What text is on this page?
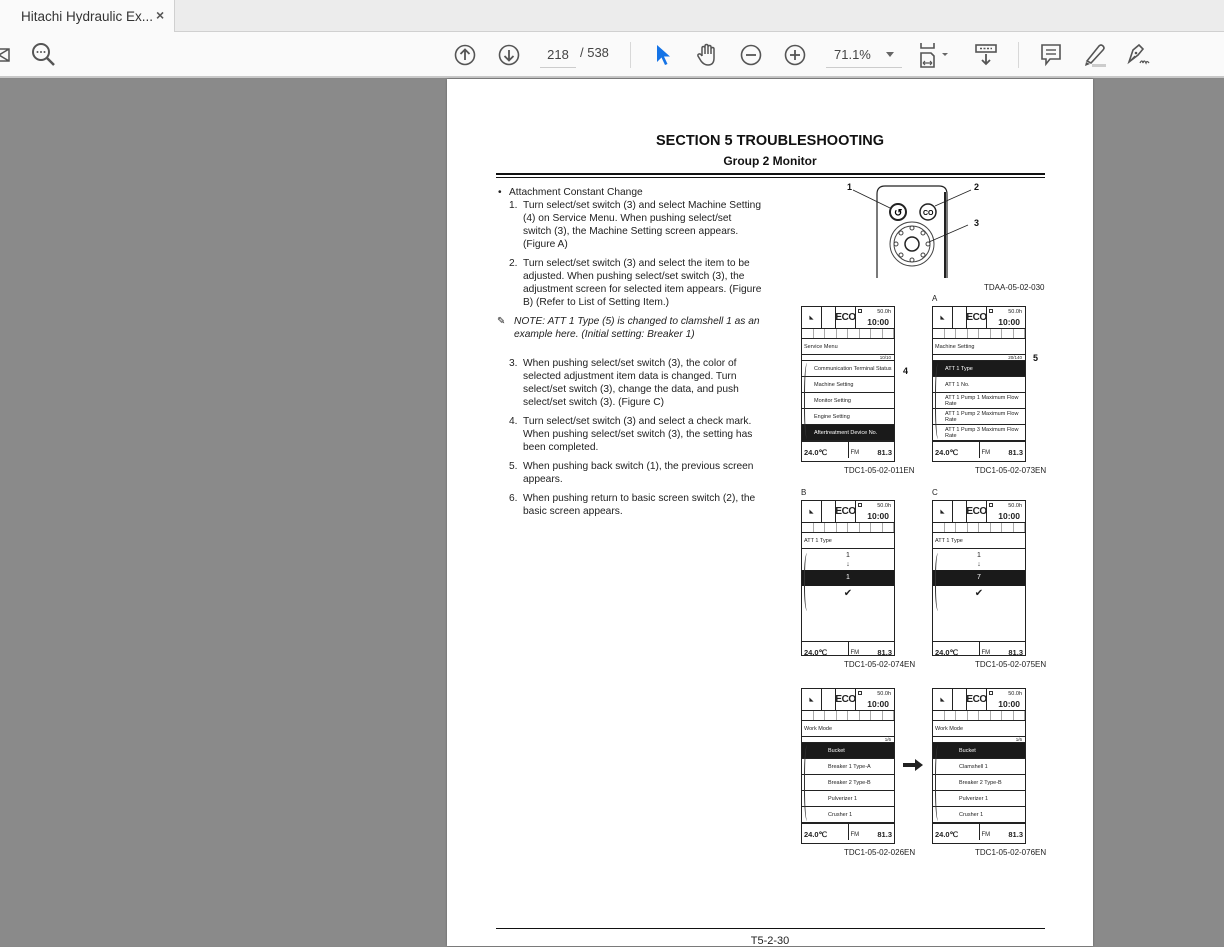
Hitachi Hydraulic Ex... ×
218 / 538	71.1%
SECTION 5 TROUBLESHOOTING
Group 2 Monitor
• Attachment Constant Change
1. Turn select/set switch (3) and select Machine Setting (4) on Service Menu. When pushing select/set switch (3), the Machine Setting screen appears. (Figure A)
2. Turn select/set switch (3) and select the item to be adjusted. When pushing select/set switch (3), the adjustment screen for selected item appears. (Figure B) (Refer to List of Setting Item.)
✎ NOTE: ATT 1 Type (5) is changed to clamshell 1 as an example here. (Initial setting: Breaker 1)
3. When pushing select/set switch (3), the color of selected adjustment item data is changed. Turn select/set switch (3), change the data, and push select/set switch (3). (Figure C)
4. Turn select/set switch (3) and select a check mark. When pushing select/set switch (3), the setting has been completed.
5. When pushing back switch (1), the previous screen appears.
6. When pushing return to basic screen switch (2), the basic screen appears.
↺	CO
1	2
3
TDAA-05-02-030
◣	ECO	50.0h
10:00
Service Menu
10/10
Communication Terminal Status
Machine Setting
Monitor Setting
Engine Setting
Aftertreatment Device No.
24.0℃	FM 81.3
4
TDC1-05-02-011EN
A
◣	ECO	50.0h
10:00
Machine Setting
20/140
ATT 1 Type
ATT 1 No.
ATT 1 Pump 1 Maximum Flow Rate
ATT 1 Pump 2 Maximum Flow Rate
ATT 1 Pump 3 Maximum Flow Rate
24.0℃	FM 81.3
5
TDC1-05-02-073EN
B
◣	ECO	50.0h
10:00
ATT 1 Type
1
↓
1
✔
24.0℃	FM 81.3
TDC1-05-02-074EN
C
◣	ECO	50.0h
10:00
ATT 1 Type
1
↓
7
✔
24.0℃	FM 81.3
TDC1-05-02-075EN
◣	ECO	50.0h
10:00
Work Mode
1/6
Bucket
Breaker 1 Type-A
Breaker 2 Type-B
Pulverizer 1
Crusher 1
24.0℃	FM 81.3
TDC1-05-02-026EN
◣	ECO	50.0h
10:00
Work Mode
1/6
Bucket
Clamshell 1
Breaker 2 Type-B
Pulverizer 1
Crusher 1
24.0℃	FM 81.3
TDC1-05-02-076EN
T5-2-30
